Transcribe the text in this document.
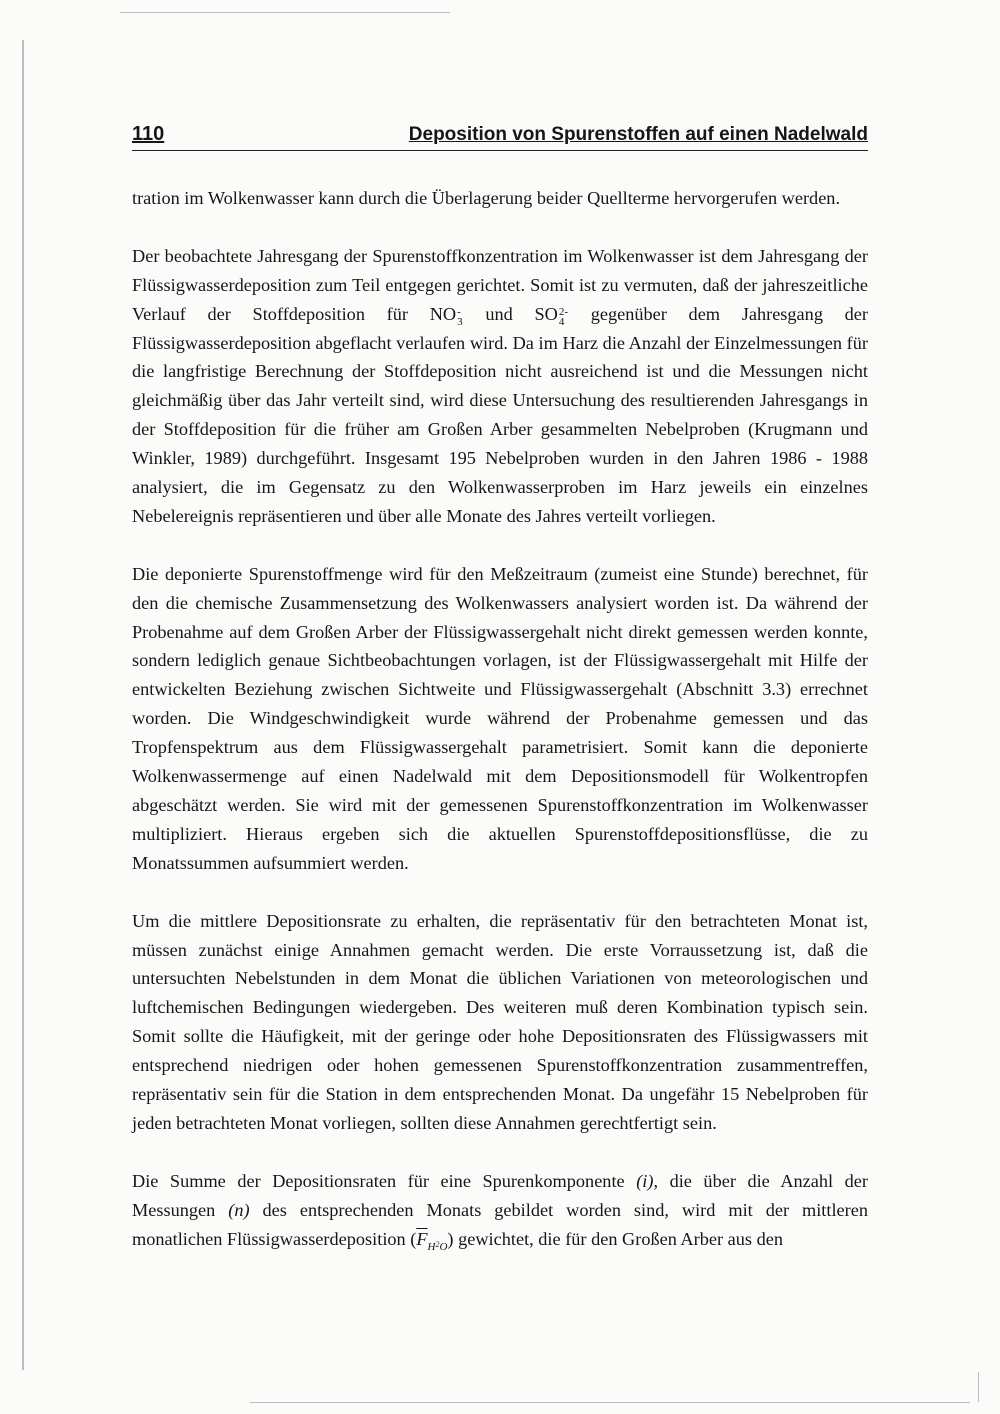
110	Deposition von Spurenstoffen auf einen Nadelwald

tration im Wolkenwasser kann durch die Überlagerung beider Quellterme hervorgerufen werden.

Der beobachtete Jahresgang der Spurenstoffkonzentration im Wolkenwasser ist dem Jahresgang der Flüssigwasserdeposition zum Teil entgegen gerichtet. Somit ist zu vermuten, daß der jahreszeitliche Verlauf der Stoffdeposition für NO -
3 und SO 2-
4 gegenüber dem Jahresgang der Flüssigwasserdeposition abgeflacht verlaufen wird. Da im Harz die Anzahl der Einzelmessungen für die langfristige Berechnung der Stoffdeposition nicht ausreichend ist und die Messungen nicht gleichmäßig über das Jahr verteilt sind, wird diese Untersuchung des resultierenden Jahresgangs in der Stoffdeposition für die früher am Großen Arber gesammelten Nebelproben (Krugmann und Winkler, 1989) durchgeführt. Insgesamt 195 Nebelproben wurden in den Jahren 1986 - 1988 analysiert, die im Gegensatz zu den Wolkenwasserproben im Harz jeweils ein einzelnes Nebelereignis repräsentieren und über alle Monate des Jahres verteilt vorliegen.

Die deponierte Spurenstoffmenge wird für den Meßzeitraum (zumeist eine Stunde) berechnet, für den die chemische Zusammensetzung des Wolkenwassers analysiert worden ist. Da während der Probenahme auf dem Großen Arber der Flüssigwassergehalt nicht direkt gemessen werden konnte, sondern lediglich genaue Sichtbeobachtungen vorlagen, ist der Flüssigwassergehalt mit Hilfe der entwickelten Beziehung zwischen Sichtweite und Flüssigwassergehalt (Abschnitt 3.3) errechnet worden. Die Windgeschwindigkeit wurde während der Probenahme gemessen und das Tropfenspektrum aus dem Flüssigwassergehalt parametrisiert. Somit kann die deponierte Wolkenwassermenge auf einen Nadelwald mit dem Depositionsmodell für Wolkentropfen abgeschätzt werden. Sie wird mit der gemessenen Spurenstoffkonzentration im Wolkenwasser multipliziert. Hieraus ergeben sich die aktuellen Spurenstoffdepositionsflüsse, die zu Monatssummen aufsummiert werden.

Um die mittlere Depositionsrate zu erhalten, die repräsentativ für den betrachteten Monat ist, müssen zunächst einige Annahmen gemacht werden. Die erste Vorraussetzung ist, daß die untersuchten Nebelstunden in dem Monat die üblichen Variationen von meteorologischen und luftchemischen Bedingungen wiedergeben. Des weiteren muß deren Kombination typisch sein. Somit sollte die Häufigkeit, mit der geringe oder hohe Depositionsraten des Flüssigwassers mit entsprechend niedrigen oder hohen gemessenen Spurenstoffkonzentration zusammentreffen, repräsentativ sein für die Station in dem entsprechenden Monat. Da ungefähr 15 Nebelproben für jeden betrachteten Monat vorliegen, sollten diese Annahmen gerechtfertigt sein.

Die Summe der Depositionsraten für eine Spurenkomponente (i), die über die Anzahl der Messungen (n) des entsprechenden Monats gebildet worden sind, wird mit der mittleren monatlichen Flüssigwasserdeposition $(\overline{F}_H2_O)$ gewichtet, die für den Großen Arber aus den
